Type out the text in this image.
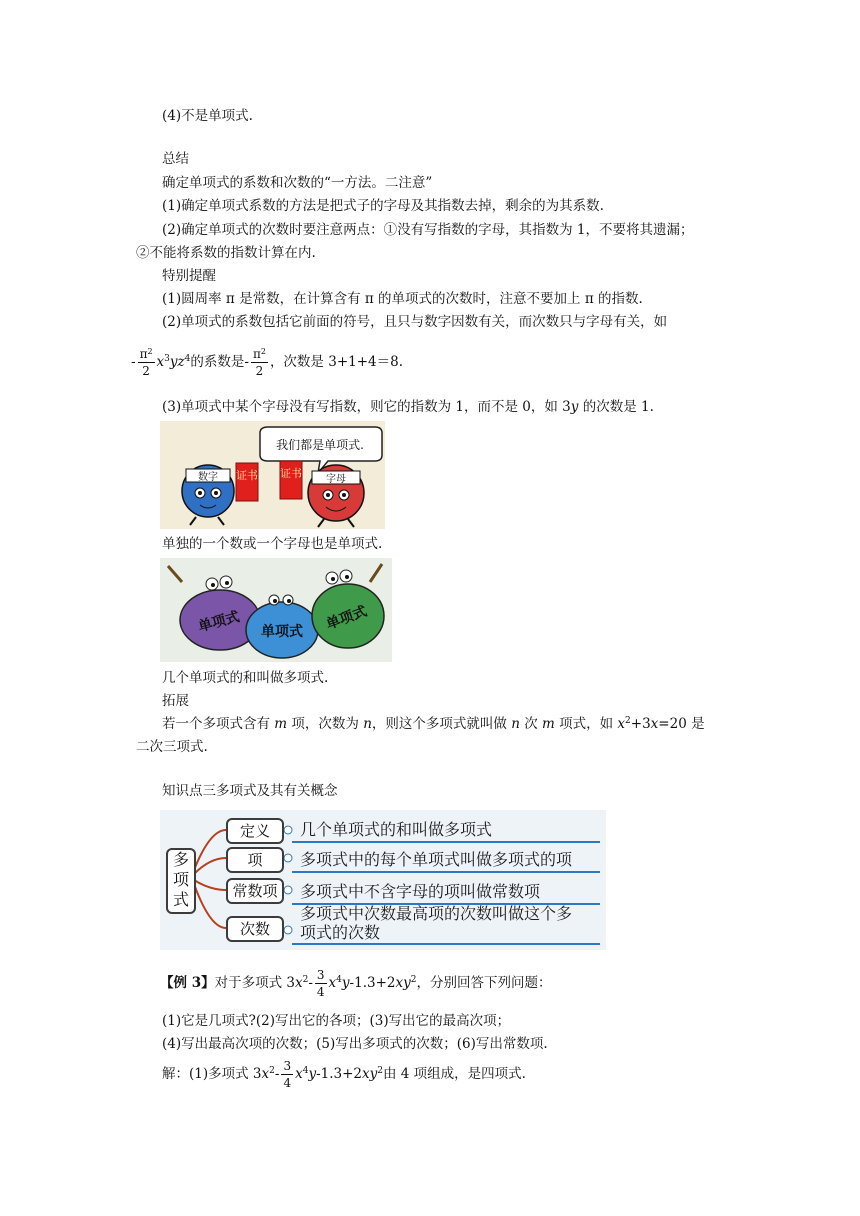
(4)不是单项式.
总结
确定单项式的系数和次数的“一方法。二注意”
(1)确定单项式系数的方法是把式子的字母及其指数去掉，剩余的为其系数.
(2)确定单项式的次数时要注意两点：①没有写指数的字母，其指数为 1，不要将其遗漏；
②不能将系数的指数计算在内.
特别提醒
(1)圆周率 π 是常数，在计算含有 π 的单项式的次数时，注意不要加上 π 的指数.
(2)单项式的系数包括它前面的符号，且只与数字因数有关，而次数只与字母有关，如
- $\frac{\pi^2}{2} x^3yz^4$的系数是- $\frac{\pi^2}{2}$ ，次数是 3+1+4＝8.
(3)单项式中某个字母没有写指数，则它的指数为 1，而不是 0，如 3y 的次数是 1.
我们都是单项式.
数字 证书 证书 字母
单独的一个数或一个字母也是单项式.
单项式 单项式 单项式
几个单项式的和叫做多项式.
拓展
若一个多项式含有 m 项，次数为 n，则这个多项式就叫做 n 次 m 项式，如 $x^2+3x=20$ 是
二次三项式.
知识点三多项式及其有关概念
多项式
定义
项
常数项
次数
几个单项式的和叫做多项式
多项式中的每个单项式叫做多项式的项
多项式中不含字母的项叫做常数项
多项式中次数最高项的次数叫做这个多
项式的次数
【例 3】对于多项式 $3x^2- \frac{3}{4} x^4y-1.3+2xy^2$，分别回答下列问题：
(1)它是几项式?(2)写出它的各项；(3)写出它的最高次项；
(4)写出最高次项的次数；(5)写出多项式的次数；(6)写出常数项.
解：(1)多项式 $3x^2- \frac{3}{4} x^4y-1.3+2xy^2$由 4 项组成，是四项式.
